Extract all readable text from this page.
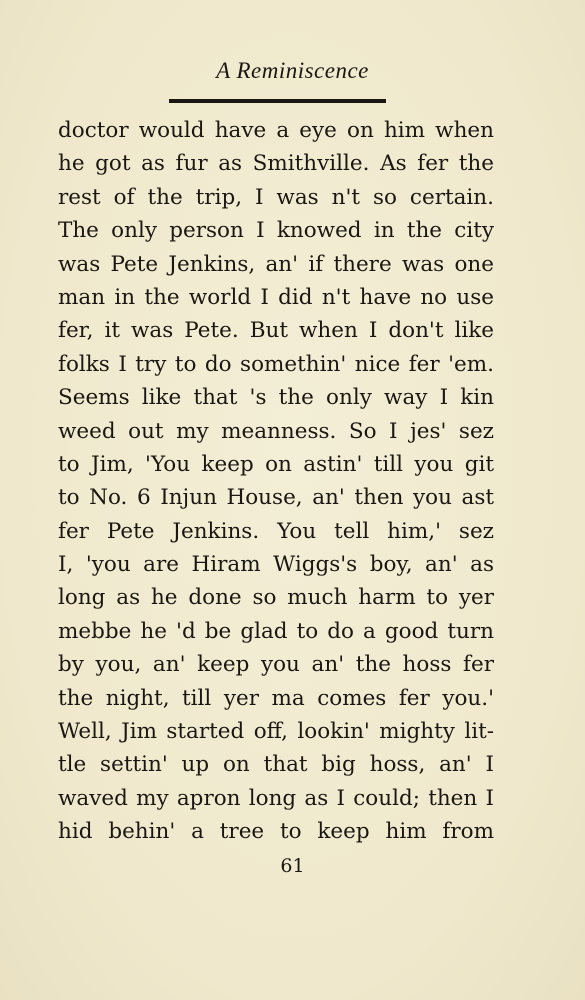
A Reminiscence
doctor would have a eye on him when
he got as fur as Smithville. As fer the
rest of the trip, I was n't so certain.
The only person I knowed in the city
was Pete Jenkins, an' if there was one
man in the world I did n't have no use
fer, it was Pete. But when I don't like
folks I try to do somethin' nice fer 'em.
Seems like that 's the only way I kin
weed out my meanness. So I jes' sez
to Jim, 'You keep on astin' till you git
to No. 6 Injun House, an' then you ast
fer Pete Jenkins. You tell him,' sez
I, 'you are Hiram Wiggs's boy, an' as
long as he done so much harm to yer
mebbe he 'd be glad to do a good turn
by you, an' keep you an' the hoss fer
the night, till yer ma comes fer you.'
Well, Jim started off, lookin' mighty lit-
tle settin' up on that big hoss, an' I
waved my apron long as I could; then I
hid behin' a tree to keep him from
61
